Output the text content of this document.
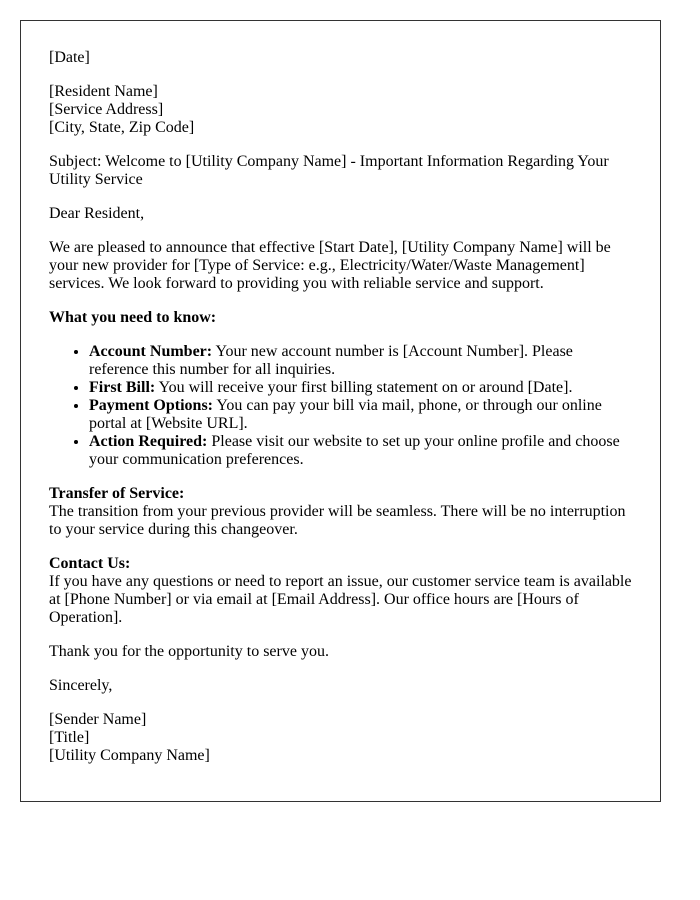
[Date]

[Resident Name]
[Service Address]
[City, State, Zip Code]

Subject: Welcome to [Utility Company Name] - Important Information Regarding Your Utility Service

Dear Resident,

We are pleased to announce that effective [Start Date], [Utility Company Name] will be your new provider for [Type of Service: e.g., Electricity/Water/Waste Management] services. We look forward to providing you with reliable service and support.

What you need to know:

• Account Number: Your new account number is [Account Number]. Please reference this number for all inquiries.
• First Bill: You will receive your first billing statement on or around [Date].
• Payment Options: You can pay your bill via mail, phone, or through our online portal at [Website URL].
• Action Required: Please visit our website to set up your online profile and choose your communication preferences.

Transfer of Service:
The transition from your previous provider will be seamless. There will be no interruption to your service during this changeover.

Contact Us:
If you have any questions or need to report an issue, our customer service team is available at [Phone Number] or via email at [Email Address]. Our office hours are [Hours of Operation].

Thank you for the opportunity to serve you.

Sincerely,

[Sender Name]
[Title]
[Utility Company Name]
